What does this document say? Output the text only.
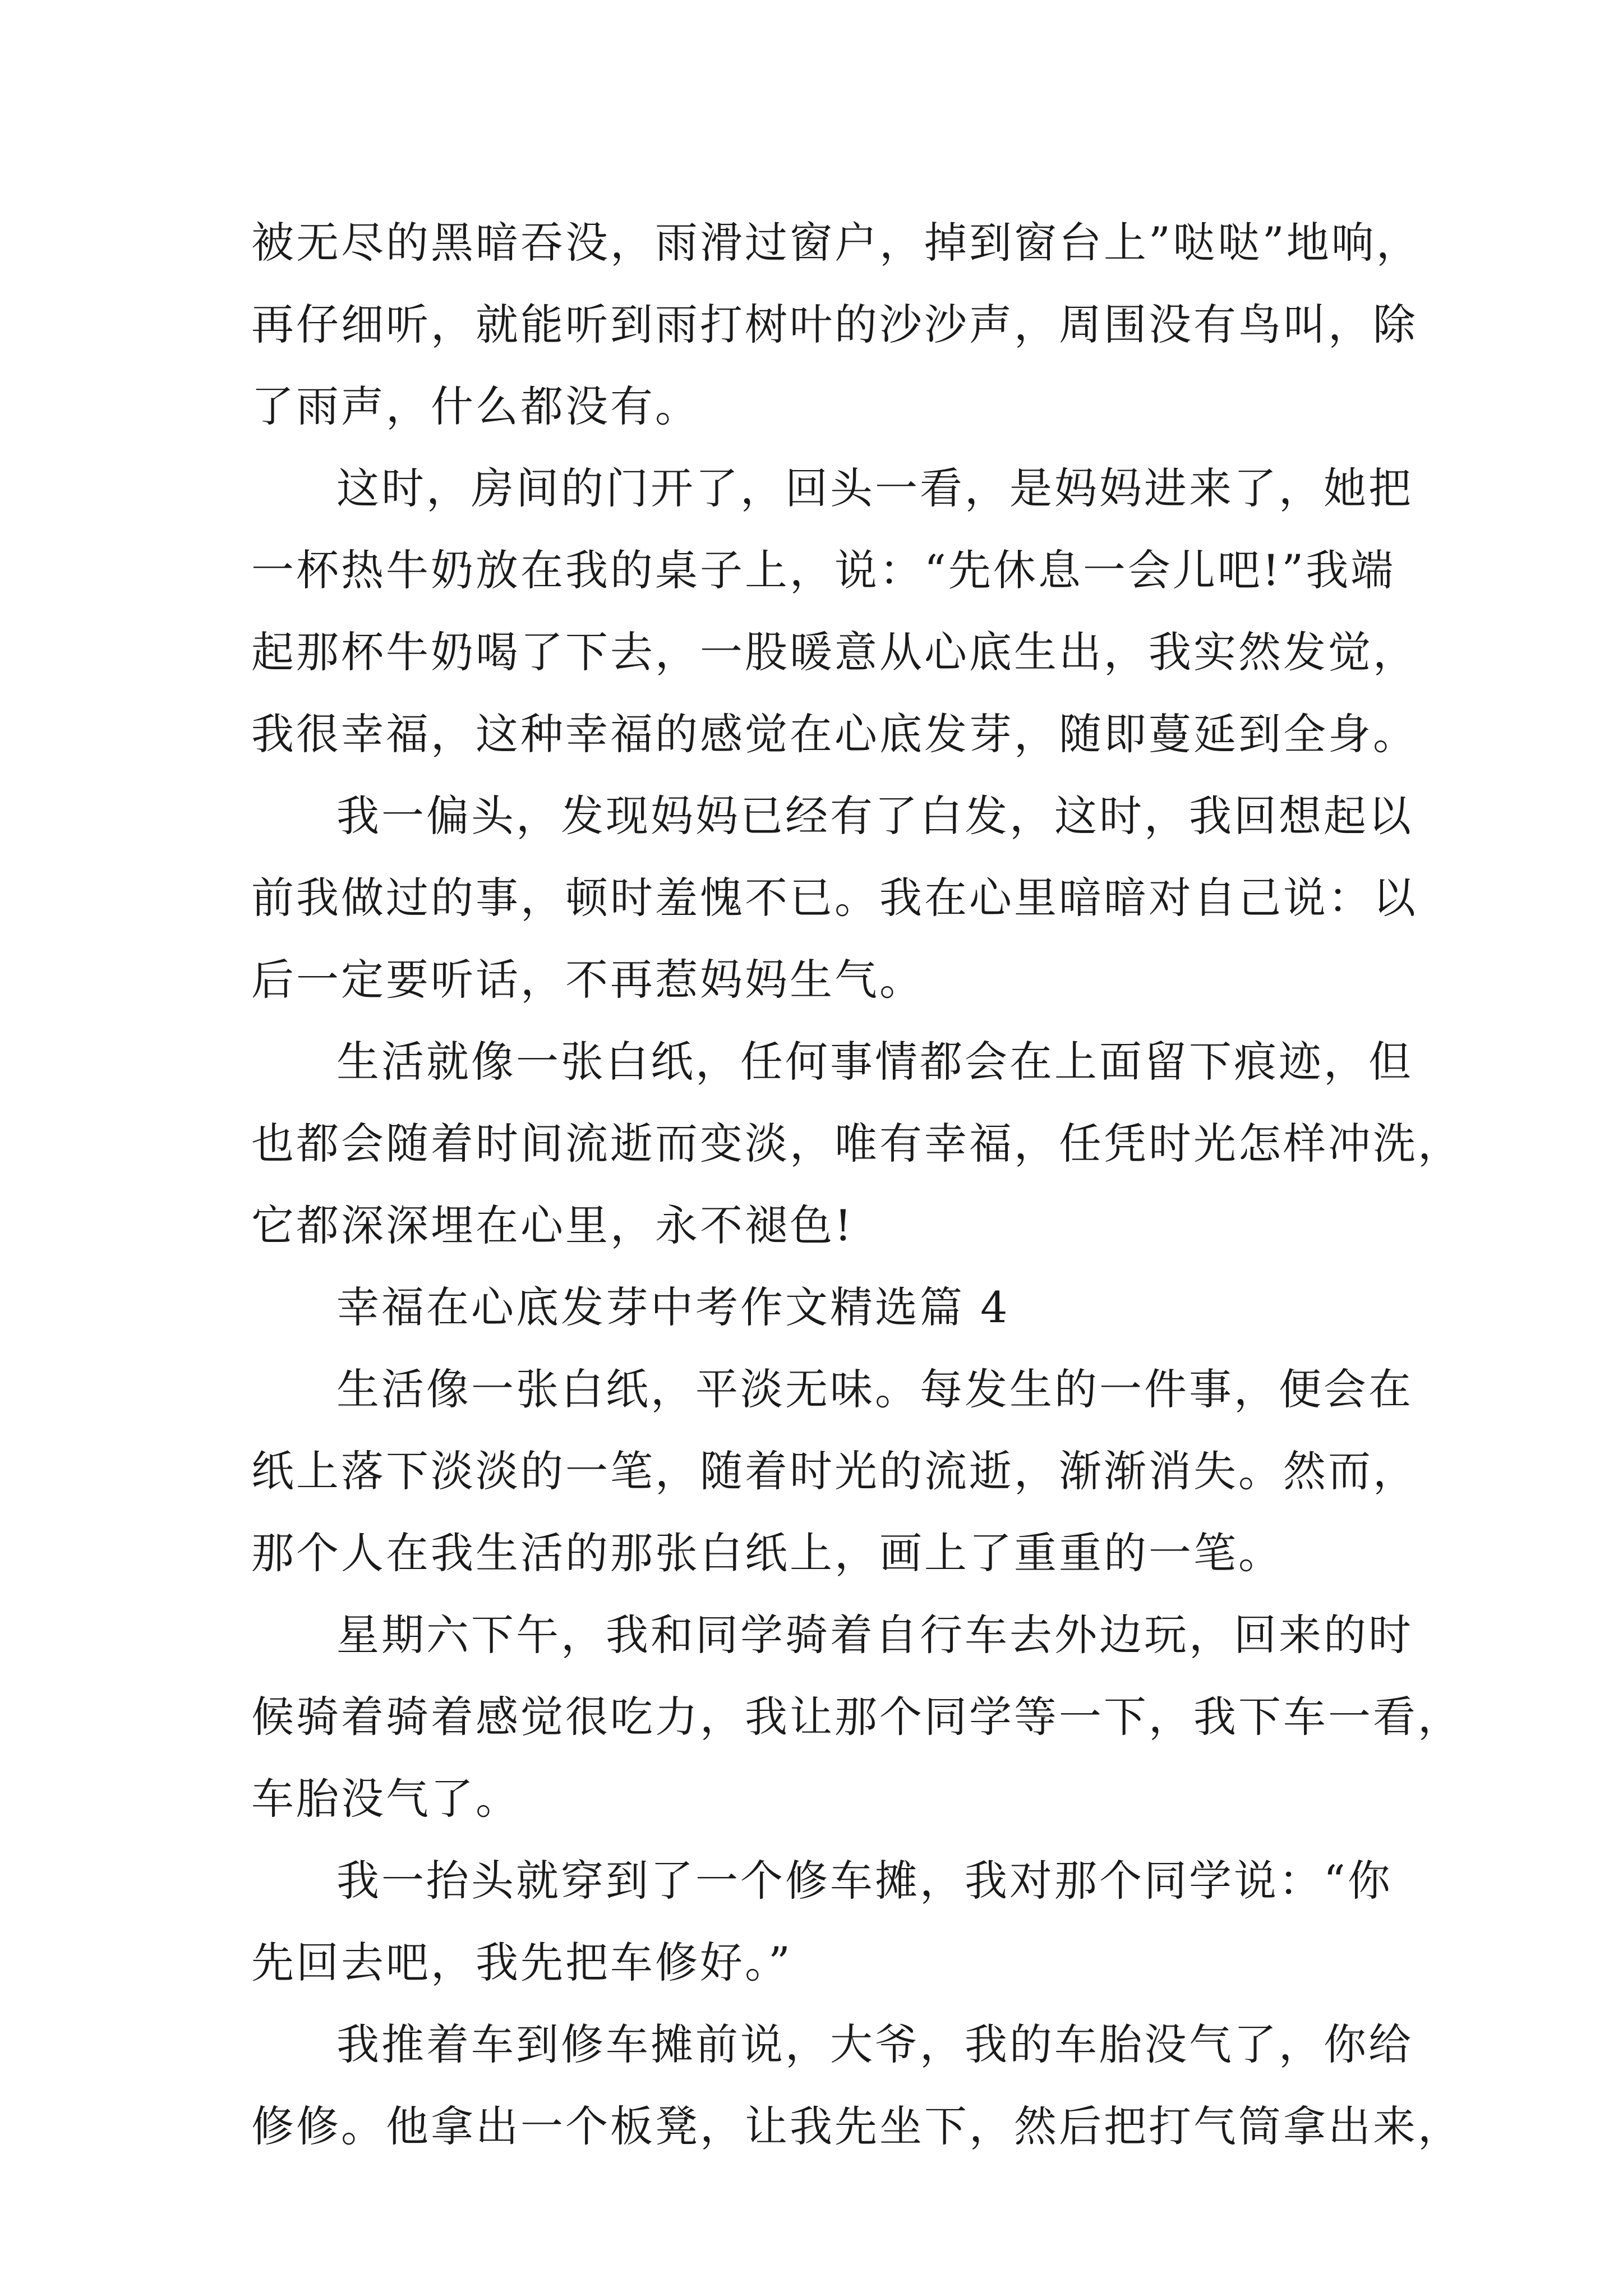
被无尽的黑暗吞没，雨滑过窗户，掉到窗台上”哒哒”地响，
再仔细听，就能听到雨打树叶的沙沙声，周围没有鸟叫，除
了雨声，什么都没有。
这时，房间的门开了，回头一看，是妈妈进来了，她把
一杯热牛奶放在我的桌子上，说：“先休息一会儿吧!”我端
起那杯牛奶喝了下去，一股暖意从心底生出，我实然发觉，
我很幸福，这种幸福的感觉在心底发芽，随即蔓延到全身。
我一偏头，发现妈妈已经有了白发，这时，我回想起以
前我做过的事，顿时羞愧不已。我在心里暗暗对自己说：以
后一定要听话，不再惹妈妈生气。
生活就像一张白纸，任何事情都会在上面留下痕迹，但
也都会随着时间流逝而变淡，唯有幸福，任凭时光怎样冲洗，
它都深深埋在心里，永不褪色!
幸福在心底发芽中考作文精选篇 4
生活像一张白纸，平淡无味。每发生的一件事，便会在
纸上落下淡淡的一笔，随着时光的流逝，渐渐消失。然而，
那个人在我生活的那张白纸上，画上了重重的一笔。
星期六下午，我和同学骑着自行车去外边玩，回来的时
候骑着骑着感觉很吃力，我让那个同学等一下，我下车一看，
车胎没气了。
我一抬头就穿到了一个修车摊，我对那个同学说：“你
先回去吧，我先把车修好。”
我推着车到修车摊前说，大爷，我的车胎没气了，你给
修修。他拿出一个板凳，让我先坐下，然后把打气筒拿出来，
